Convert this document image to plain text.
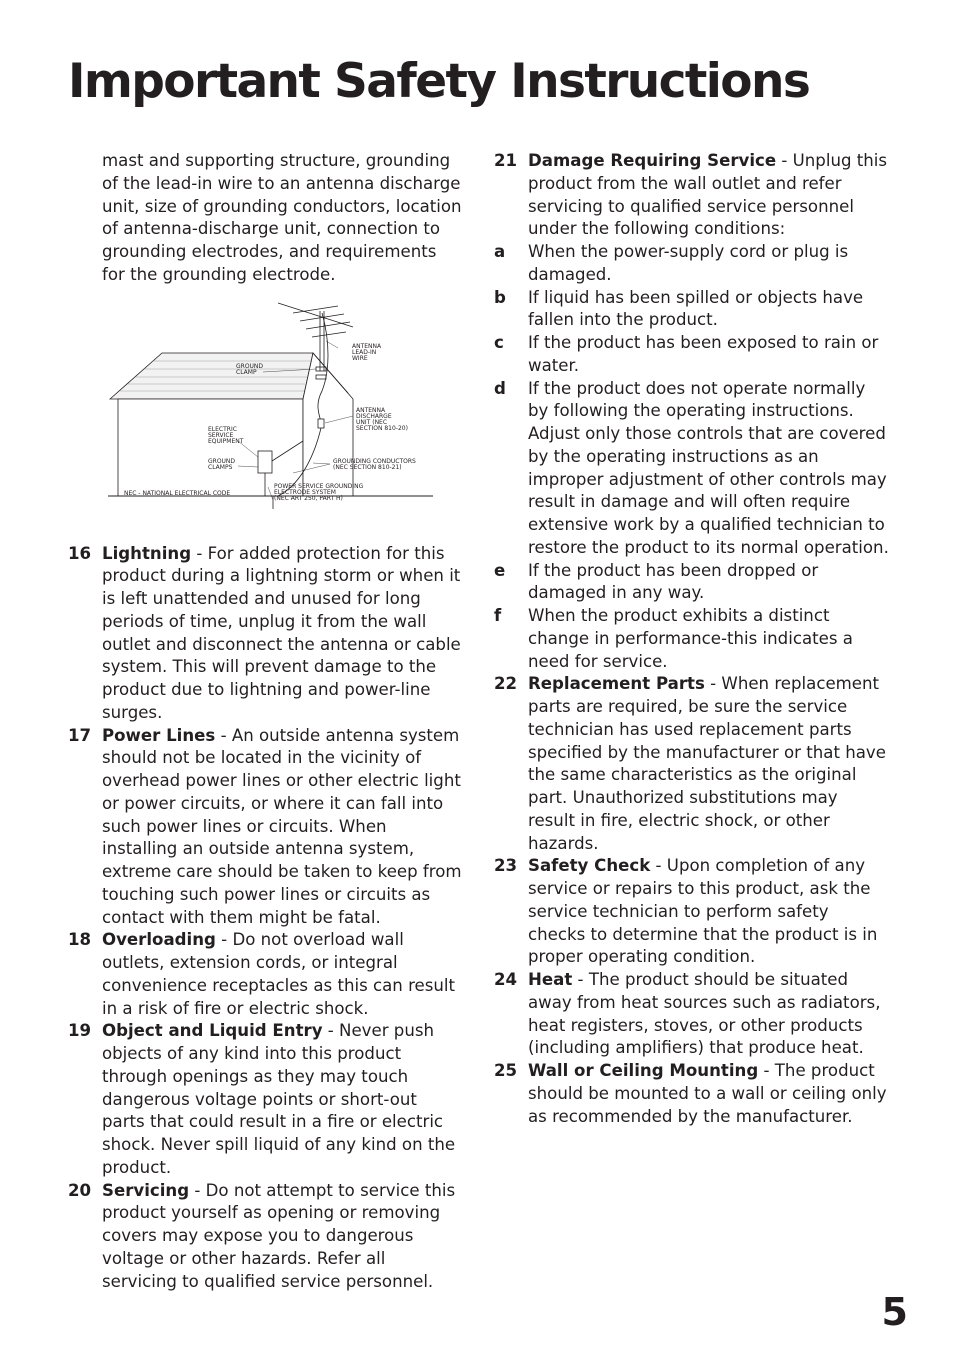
Important Safety Instructions

mast and supporting structure, grounding of the lead-in wire to an antenna discharge unit, size of grounding conductors, location of antenna-discharge unit, connection to grounding electrodes, and requirements for the grounding electrode.

ANTENNA
LEAD-IN
WIRE
GROUND
CLAMP
ANTENNA
DISCHARGE
UNIT (NEC
SECTION 810-20)
ELECTRIC
SERVICE
EQUIPMENT
GROUND
CLAMPS
GROUNDING CONDUCTORS
(NEC SECTION 810-21)
POWER SERVICE GROUNDING
ELECTRODE SYSTEM
(NEC ART 250, PART H)
NEC - NATIONAL ELECTRICAL CODE
16 Lightning - For added protection for this product during a lightning storm or when it is left unattended and unused for long periods of time, unplug it from the wall outlet and disconnect the antenna or cable system. This will prevent damage to the product due to lightning and power-line surges.
17 Power Lines - An outside antenna system should not be located in the vicinity of overhead power lines or other electric light or power circuits, or where it can fall into such power lines or circuits. When installing an outside antenna system, extreme care should be taken to keep from touching such power lines or circuits as contact with them might be fatal.
18 Overloading - Do not overload wall outlets, extension cords, or integral convenience receptacles as this can result in a risk of fire or electric shock.
19 Object and Liquid Entry - Never push objects of any kind into this product through openings as they may touch dangerous voltage points or short-out parts that could result in a fire or electric shock. Never spill liquid of any kind on the product.
20 Servicing - Do not attempt to service this product yourself as opening or removing covers may expose you to dangerous voltage or other hazards. Refer all servicing to qualified service personnel.
21 Damage Requiring Service - Unplug this product from the wall outlet and refer servicing to qualified service personnel under the following conditions:
a	When the power-supply cord or plug is damaged.
b	If liquid has been spilled or objects have fallen into the product.
c	If the product has been exposed to rain or water.
d	If the product does not operate normally by following the operating instructions. Adjust only those controls that are covered by the operating instructions as an improper adjustment of other controls may result in damage and will often require extensive work by a qualified technician to restore the product to its normal operation.
e	If the product has been dropped or damaged in any way.
f	When the product exhibits a distinct change in performance-this indicates a need for service.
22 Replacement Parts - When replacement parts are required, be sure the service technician has used replacement parts specified by the manufacturer or that have the same characteristics as the original part. Unauthorized substitutions may result in fire, electric shock, or other hazards.
23 Safety Check - Upon completion of any service or repairs to this product, ask the service technician to perform safety checks to determine that the product is in proper operating condition.
24 Heat - The product should be situated away from heat sources such as radiators, heat registers, stoves, or other products (including amplifiers) that produce heat.
25 Wall or Ceiling Mounting - The product should be mounted to a wall or ceiling only as recommended by the manufacturer.
5
